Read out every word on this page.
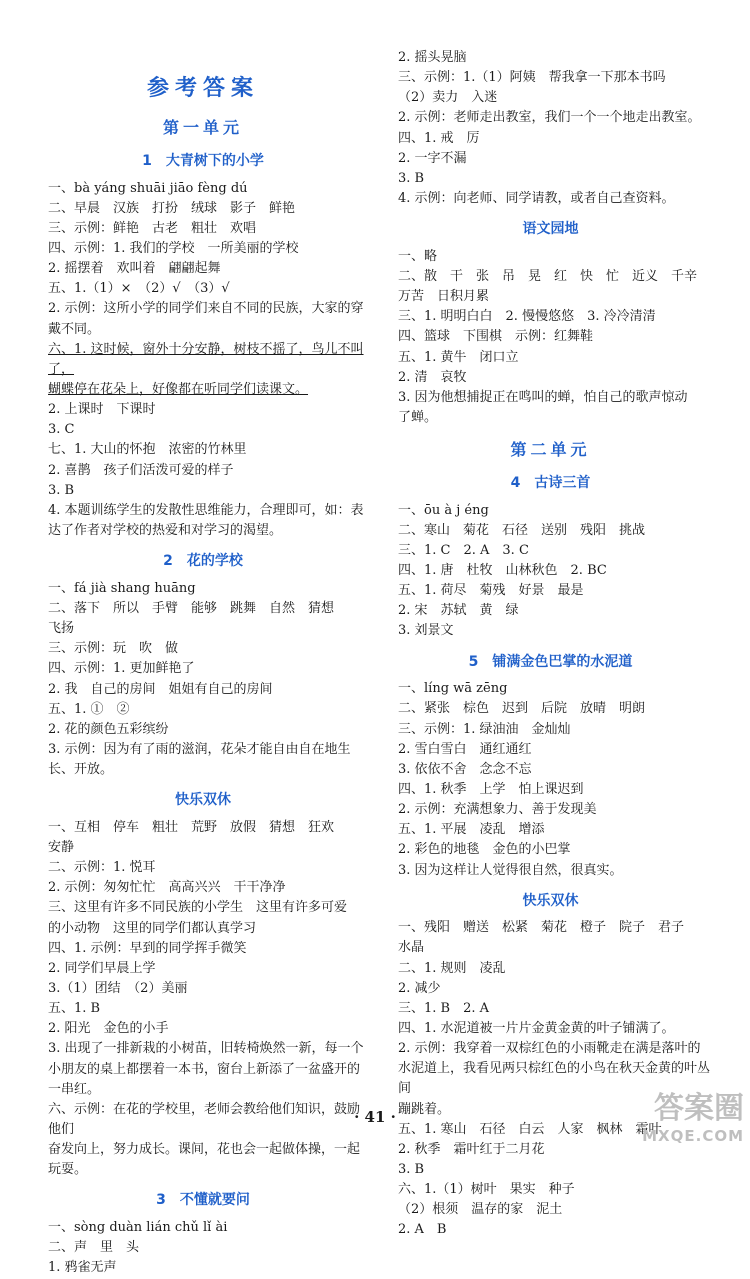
参考答案
第一单元
1　大青树下的小学
一、bà yáng shuāi jiāo fèng dú
二、早晨　汉族　打扮　绒球　影子　鲜艳
三、示例：鲜艳　古老　粗壮　欢唱
四、示例：1. 我们的学校　一所美丽的学校
2. 摇摆着　欢叫着　翩翩起舞
五、1.（1）×　（2）√　（3）√
2. 示例：这所小学的同学们来自不同的民族，大家的穿
戴不同。
六、1. 这时候，窗外十分安静，树枝不摇了，鸟儿不叫了，
蝴蝶停在花朵上，好像都在听同学们读课文。
2. 上课时　下课时
3. C
七、1. 大山的怀抱　浓密的竹林里
2. 喜鹊　孩子们活泼可爱的样子
3. B
4. 本题训练学生的发散性思维能力，合理即可，如：表
达了作者对学校的热爱和对学习的渴望。
2　花的学校
一、fá jià shang huāng
二、落下　所以　手臂　能够　跳舞　自然　猜想
飞扬
三、示例：玩　吹　做
四、示例：1. 更加鲜艳了
2. 我　自己的房间　姐姐有自己的房间
五、1. ①　②
2. 花的颜色五彩缤纷
3. 示例：因为有了雨的滋润，花朵才能自由自在地生
长、开放。
快乐双休
一、互相　停车　粗壮　荒野　放假　猜想　狂欢
安静
二、示例：1. 悦耳
2. 示例：匆匆忙忙　高高兴兴　干干净净
三、这里有许多不同民族的小学生　这里有许多可爱
的小动物　这里的同学们都认真学习
四、1. 示例：早到的同学挥手微笑
2. 同学们早晨上学
3.（1）团结　（2）美丽
五、1. B
2. 阳光　金色的小手
3. 出现了一排新栽的小树苗，旧转椅焕然一新，每一个
小朋友的桌上都摆着一本书，窗台上新添了一盆盛开的
一串红。
六、示例：在花的学校里，老师会教给他们知识，鼓励他们
奋发向上，努力成长。课间，花也会一起做体操，一起玩耍。
3　不懂就要问
一、sòng duàn lián chǔ lǐ ài
二、声　里　头
1. 鸦雀无声
2. 摇头晃脑
三、示例：1.（1）阿姨　帮我拿一下那本书吗
（2）卖力　入迷
2. 示例：老师走出教室，我们一个一个地走出教室。
四、1. 戒　厉
2. 一字不漏
3. B
4. 示例：向老师、同学请教，或者自己查资料。
语文园地
一、略
二、散　干　张　吊　晃　红　快　忙　近义　千辛
万苦　日积月累
三、1. 明明白白　2. 慢慢悠悠　3. 冷冷清清
四、篮球　下围棋　示例：红舞鞋
五、1. 黄牛　闭口立
2. 清　哀牧
3. 因为他想捕捉正在鸣叫的蝉，怕自己的歌声惊动
了蝉。
第二单元
4　古诗三首
一、ōu à j éng
二、寒山　菊花　石径　送别　残阳　挑战
三、1. C　2. A　3. C
四、1. 唐　杜牧　山林秋色　2. BC
五、1. 荷尽　菊残　好景　最是
2. 宋　苏轼　黄　绿
3. 刘景文
5　铺满金色巴掌的水泥道
一、líng wā zēng
二、紧张　棕色　迟到　后院　放晴　明朗
三、示例：1. 绿油油　金灿灿
2. 雪白雪白　通红通红
3. 依依不舍　念念不忘
四、1. 秋季　上学　怕上课迟到
2. 示例：充满想象力、善于发现美
五、1. 平展　凌乱　增添
2. 彩色的地毯　金色的小巴掌
3. 因为这样让人觉得很自然，很真实。
快乐双休
一、残阳　赠送　松紧　菊花　橙子　院子　君子
水晶
二、1. 规则　凌乱
2. 减少
三、1. B　2. A
四、1. 水泥道被一片片金黄金黄的叶子铺满了。
2. 示例：我穿着一双棕红色的小雨靴走在满是落叶的
水泥道上，我看见两只棕红色的小鸟在秋天金黄的叶丛间
蹦跳着。
五、1. 寒山　石径　白云　人家　枫林　霜叶
2. 秋季　霜叶红于二月花
3. B
六、1.（1）树叶　果实　种子
（2）根须　温存的家　泥土
2. A　B
· 41 ·	答案圈
MXQE.COM
